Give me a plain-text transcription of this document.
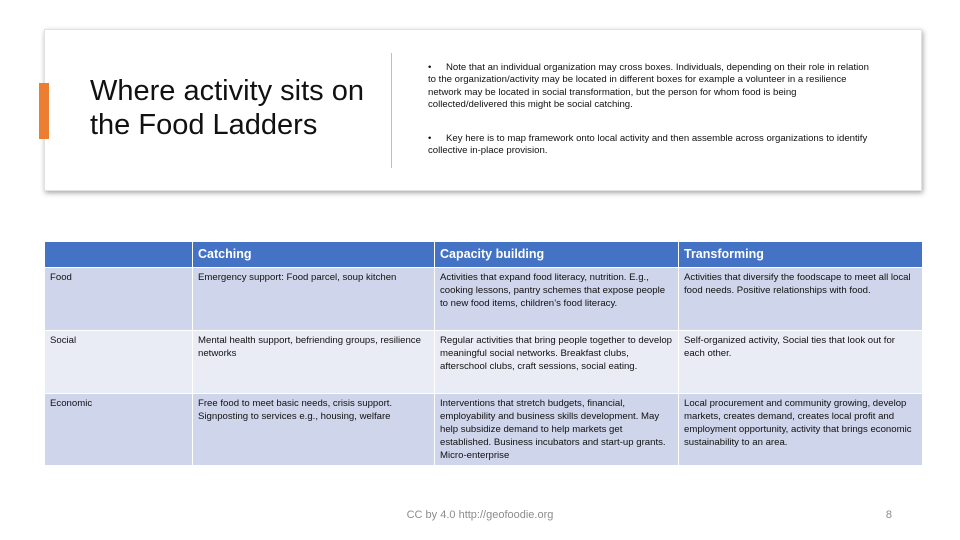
Where activity sits on the Food Ladders
• Note that an individual organization may cross boxes. Individuals, depending on their role in relation to the organization/activity may be located in different boxes for example a volunteer in a resilience network may be located in social transformation, but the person for whom food is being collected/delivered this might be social catching.
• Key here is to map framework onto local activity and then assemble across organizations to identify collective in-place provision.
	Catching	Capacity building	Transforming
Food	Emergency support: Food parcel, soup kitchen	Activities that expand food literacy, nutrition. E.g., cooking lessons, pantry schemes that expose people to new food items, children’s food literacy.	Activities that diversify the foodscape to meet all local food needs. Positive relationships with food.
Social	Mental health support, befriending groups, resilience networks	Regular activities that bring people together to develop meaningful social networks. Breakfast clubs, afterschool clubs, craft sessions, social eating.	Self-organized activity, Social ties that look out for each other.
Economic	Free food to meet basic needs, crisis support. Signposting to services e.g., housing, welfare	Interventions that stretch budgets, financial, employability and business skills development. May help subsidize demand to help markets get established. Business incubators and start-up grants. Micro-enterprise	Local procurement and community growing, develop markets, creates demand, creates local profit and employment opportunity, activity that brings economic sustainability to an area.
CC by 4.0 http://geofoodie.org	8
